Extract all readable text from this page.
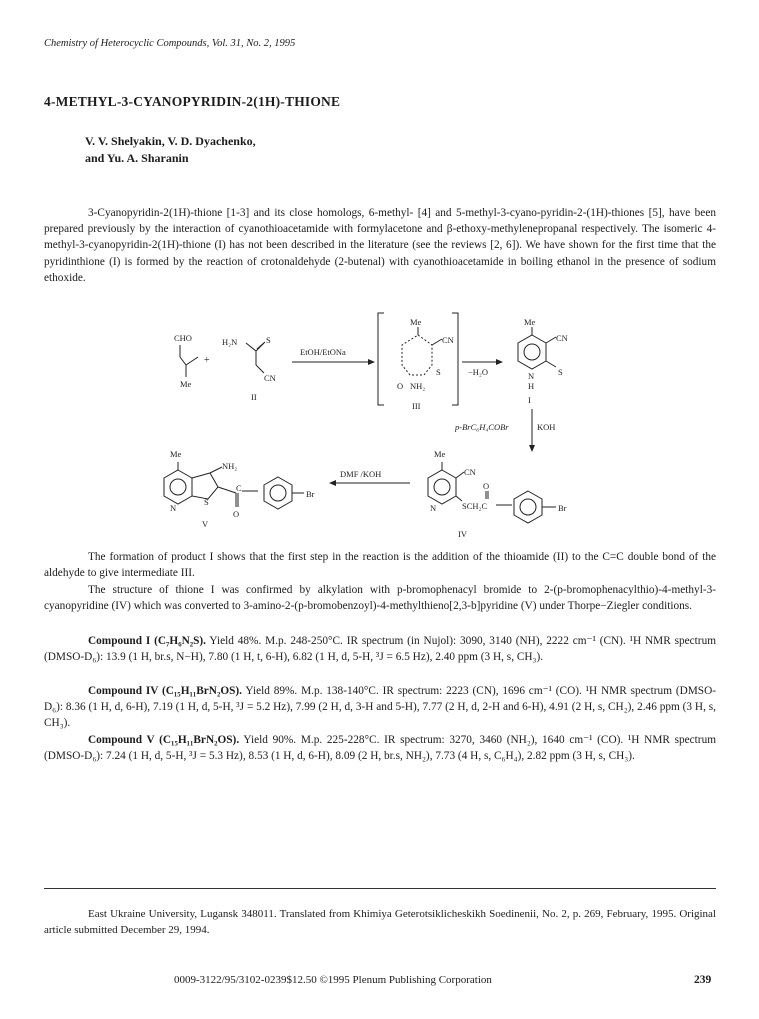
Chemistry of Heterocyclic Compounds, Vol. 31, No. 2, 1995
4-METHYL-3-CYANOPYRIDIN-2(1H)-THIONE
V. V. Shelyakin, V. D. Dyachenko,
and Yu. A. Sharanin
3-Cyanopyridin-2(1H)-thione [1-3] and its close homologs, 6-methyl- [4] and 5-methyl-3-cyano-pyridin-2-(1H)-thiones [5], have been prepared previously by the interaction of cyanothioacetamide with formylacetone and β-ethoxy-methylenepropanal respectively. The isomeric 4-methyl-3-cyanopyridin-2(1H)-thione (I) has not been described in the literature (see the reviews [2, 6]). We have shown for the first time that the pyridinthione (I) is formed by the reaction of crotonaldehyde (2-butenal) with cyanothioacetamide in boiling ethanol in the presence of sodium ethoxide.
CHO
Me
+
H₂N	S
CN
II
EtOH/EtONa
Me
CN
S
O NH₂
III
−H₂O
Me
CN
S
N
H
I
p-BrC₆H₄COBr	KOH
Me
NH₂
N
S
C
O
Br
V
DMF /KOH
Me
CN
O
N	SCH₂C	Br
IV
The formation of product I shows that the first step in the reaction is the addition of the thioamide (II) to the C=C double bond of the aldehyde to give intermediate III.
The structure of thione I was confirmed by alkylation with p-bromophenacyl bromide to 2-(p-bromophenacylthio)-4-methyl-3-cyanopyridine (IV) which was converted to 3-amino-2-(p-bromobenzoyl)-4-methylthieno[2,3-b]pyridine (V) under Thorpe−Ziegler conditions.
Compound I (C₇H₆N₂S). Yield 48%. M.p. 248-250°C. IR spectrum (in Nujol): 3090, 3140 (NH), 2222 cm⁻¹ (CN). ¹H NMR spectrum (DMSO-D₆): 13.9 (1 H, br.s, N−H), 7.80 (1 H, t, 6-H), 6.82 (1 H, d, 5-H, ³J = 6.5 Hz), 2.40 ppm (3 H, s, CH₃).
Compound IV (C₁₅H₁₁BrN₂OS). Yield 89%. M.p. 138-140°C. IR spectrum: 2223 (CN), 1696 cm⁻¹ (CO). ¹H NMR spectrum (DMSO-D₆): 8.36 (1 H, d, 6-H), 7.19 (1 H, d, 5-H, ³J = 5.2 Hz), 7.99 (2 H, d, 3-H and 5-H), 7.77 (2 H, d, 2-H and 6-H), 4.91 (2 H, s, CH₂), 2.46 ppm (3 H, s, CH₃).
Compound V (C₁₅H₁₁BrN₂OS). Yield 90%. M.p. 225-228°C. IR spectrum: 3270, 3460 (NH₂), 1640 cm⁻¹ (CO). ¹H NMR spectrum (DMSO-D₆): 7.24 (1 H, d, 5-H, ³J = 5.3 Hz), 8.53 (1 H, d, 6-H), 8.09 (2 H, br.s, NH₂), 7.73 (4 H, s, C₆H₄), 2.82 ppm (3 H, s, CH₃).
East Ukraine University, Lugansk 348011. Translated from Khimiya Geterotsiklicheskikh Soedinenii, No. 2, p. 269, February, 1995. Original article submitted December 29, 1994.
0009-3122/95/3102-0239$12.50 ©1995 Plenum Publishing Corporation	239
